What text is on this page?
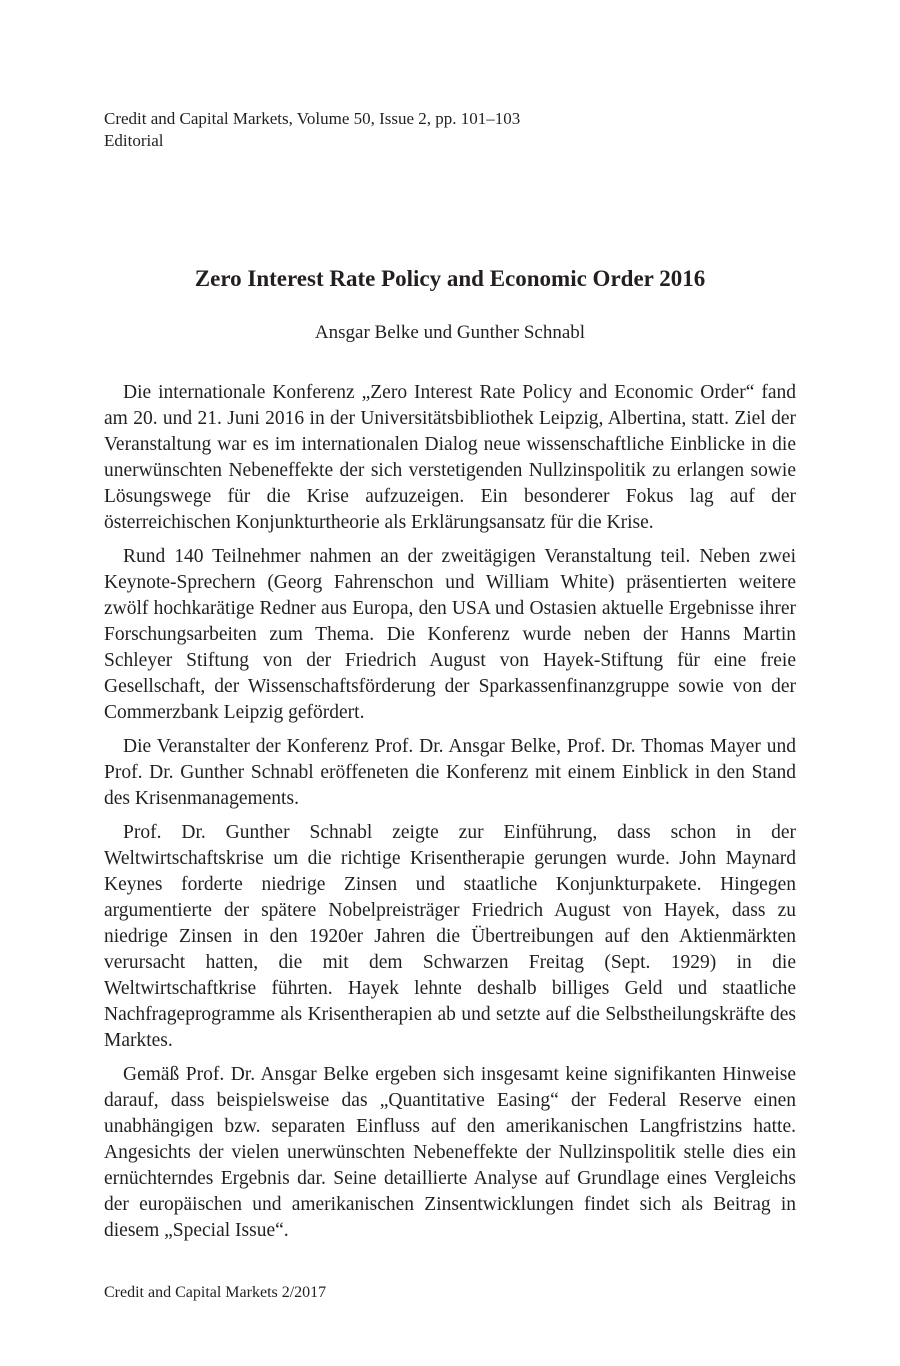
Credit and Capital Markets, Volume 50, Issue 2, pp. 101–103
Editorial
Zero Interest Rate Policy and Economic Order 2016
Ansgar Belke und Gunther Schnabl

Die internationale Konferenz „Zero Interest Rate Policy and Economic Order“ fand am 20. und 21. Juni 2016 in der Universitätsbibliothek Leipzig, Albertina, statt. Ziel der Veranstaltung war es im internationalen Dialog neue wissenschaftliche Einblicke in die unerwünschten Nebeneffekte der sich verstetigenden Nullzinspolitik zu erlangen sowie Lösungswege für die Krise aufzuzeigen. Ein besonderer Fokus lag auf der österreichischen Konjunkturtheorie als Erklärungsansatz für die Krise.

Rund 140 Teilnehmer nahmen an der zweitägigen Veranstaltung teil. Neben zwei Keynote-Sprechern (Georg Fahrenschon und William White) präsentierten weitere zwölf hochkarätige Redner aus Europa, den USA und Ostasien aktuelle Ergebnisse ihrer Forschungsarbeiten zum Thema. Die Konferenz wurde neben der Hanns Martin Schleyer Stiftung von der Friedrich August von Hayek-Stiftung für eine freie Gesellschaft, der Wissenschaftsförderung der Sparkassenfinanzgruppe sowie von der Commerzbank Leipzig gefördert.

Die Veranstalter der Konferenz Prof. Dr. Ansgar Belke, Prof. Dr. Thomas Mayer und Prof. Dr. Gunther Schnabl eröffeneten die Konferenz mit einem Einblick in den Stand des Krisenmanagements.

Prof. Dr. Gunther Schnabl zeigte zur Einführung, dass schon in der Weltwirtschaftskrise um die richtige Krisentherapie gerungen wurde. John Maynard Keynes forderte niedrige Zinsen und staatliche Konjunkturpakete. Hingegen argumentierte der spätere Nobelpreisträger Friedrich August von Hayek, dass zu niedrige Zinsen in den 1920er Jahren die Übertreibungen auf den Aktienmärkten verursacht hatten, die mit dem Schwarzen Freitag (Sept. 1929) in die Weltwirtschaftkrise führten. Hayek lehnte deshalb billiges Geld und staatliche Nachfrageprogramme als Krisentherapien ab und setzte auf die Selbstheilungskräfte des Marktes.

Gemäß Prof. Dr. Ansgar Belke ergeben sich insgesamt keine signifikanten Hinweise darauf, dass beispielsweise das „Quantitative Easing“ der Federal Reserve einen unabhängigen bzw. separaten Einfluss auf den amerikanischen Langfristzins hatte. Angesichts der vielen unerwünschten Nebeneffekte der Nullzinspolitik stelle dies ein ernüchterndes Ergebnis dar. Seine detaillierte Analyse auf Grundlage eines Vergleichs der europäischen und amerikanischen Zinsentwicklungen findet sich als Beitrag in diesem „Special Issue“.

Credit and Capital Markets 2/2017
